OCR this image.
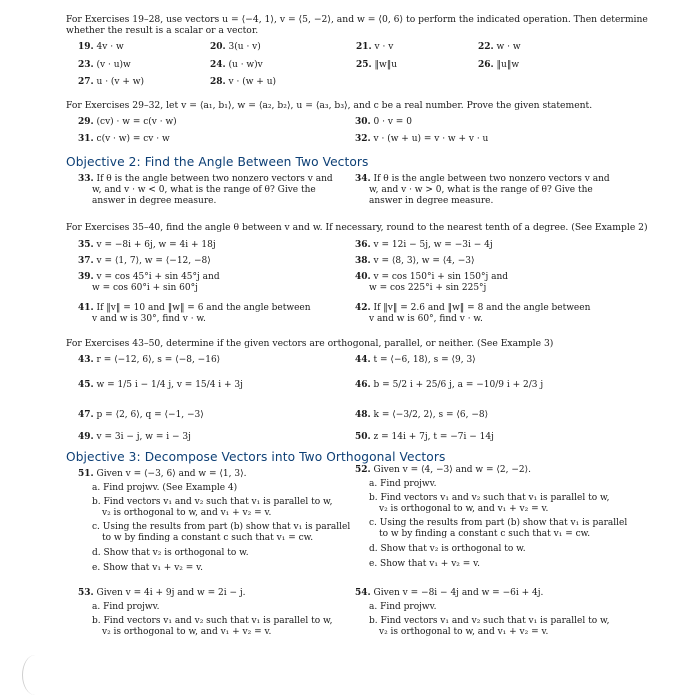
For Exercises 19–28, use vectors u = ⟨−4, 1⟩, v = ⟨5, −2⟩, and w = ⟨0, 6⟩ to perform the indicated operation. Then determine whether the result is a scalar or a vector.
19. 4v · w	20. 3(u · v)	21. v · v	22. w · w
23. (v · u)w	24. (u · w)v	25. ‖w‖u	26. ‖u‖w
27. u · (v + w)	28. v · (w + u)
For Exercises 29–32, let v = ⟨a₁, b₁⟩, w = ⟨a₂, b₂⟩, u = ⟨a₃, b₃⟩, and c be a real number. Prove the given statement.
29. (cv) · w = c(v · w)	30. 0 · v = 0
31. c(v · w) = cv · w	32. v · (w + u) = v · w + v · u
Objective 2: Find the Angle Between Two Vectors
33. If θ is the angle between two nonzero vectors v and w, and v · w < 0, what is the range of θ? Give the answer in degree measure.
34. If θ is the angle between two nonzero vectors v and w, and v · w > 0, what is the range of θ? Give the answer in degree measure.
For Exercises 35–40, find the angle θ between v and w. If necessary, round to the nearest tenth of a degree. (See Example 2)
35. v = −8i + 6j, w = 4i + 18j	36. v = 12i − 5j, w = −3i − 4j
37. v = ⟨1, 7⟩, w = ⟨−12, −8⟩	38. v = ⟨8, 3⟩, w = ⟨4, −3⟩
39. v = cos 45°i + sin 45°j and
w = cos 60°i + sin 60°j
40. v = cos 150°i + sin 150°j and
w = cos 225°i + sin 225°j
41. If ‖v‖ = 10 and ‖w‖ = 6 and the angle between
v and w is 30°, find v · w.
42. If ‖v‖ = 2.6 and ‖w‖ = 8 and the angle between
v and w is 60°, find v · w.
For Exercises 43–50, determine if the given vectors are orthogonal, parallel, or neither. (See Example 3)
43. r = ⟨−12, 6⟩, s = ⟨−8, −16⟩	44. t = ⟨−6, 18⟩, s = ⟨9, 3⟩
45. w = 1/5 i − 1/4 j, v = 15/4 i + 3j	46. b = 5/2 i + 25/6 j, a = −10/9 i + 2/3 j
47. p = ⟨2, 6⟩, q = ⟨−1, −3⟩	48. k = ⟨−3/2, 2⟩, s = ⟨6, −8⟩
49. v = 3i − j, w = i − 3j	50. z = 14i + 7j, t = −7i − 14j
Objective 3: Decompose Vectors into Two Orthogonal Vectors
51. Given v = ⟨−3, 6⟩ and w = ⟨1, 3⟩.
a. Find projwv. (See Example 4)
b. Find vectors v₁ and v₂ such that v₁ is parallel to w,
v₂ is orthogonal to w, and v₁ + v₂ = v.
c. Using the results from part (b) show that v₁ is parallel
to w by finding a constant c such that v₁ = cw.
d. Show that v₂ is orthogonal to w.
e. Show that v₁ + v₂ = v.
52. Given v = ⟨4, −3⟩ and w = ⟨2, −2⟩.
a. Find projwv.
b. Find vectors v₁ and v₂ such that v₁ is parallel to w,
v₂ is orthogonal to w, and v₁ + v₂ = v.
c. Using the results from part (b) show that v₁ is parallel
to w by finding a constant c such that v₁ = cw.
d. Show that v₂ is orthogonal to w.
e. Show that v₁ + v₂ = v.
53. Given v = 4i + 9j and w = 2i − j.
a. Find projwv.
b. Find vectors v₁ and v₂ such that v₁ is parallel to w,
v₂ is orthogonal to w, and v₁ + v₂ = v.
54. Given v = −8i − 4j and w = −6i + 4j.
a. Find projwv.
b. Find vectors v₁ and v₂ such that v₁ is parallel to w,
v₂ is orthogonal to w, and v₁ + v₂ = v.
